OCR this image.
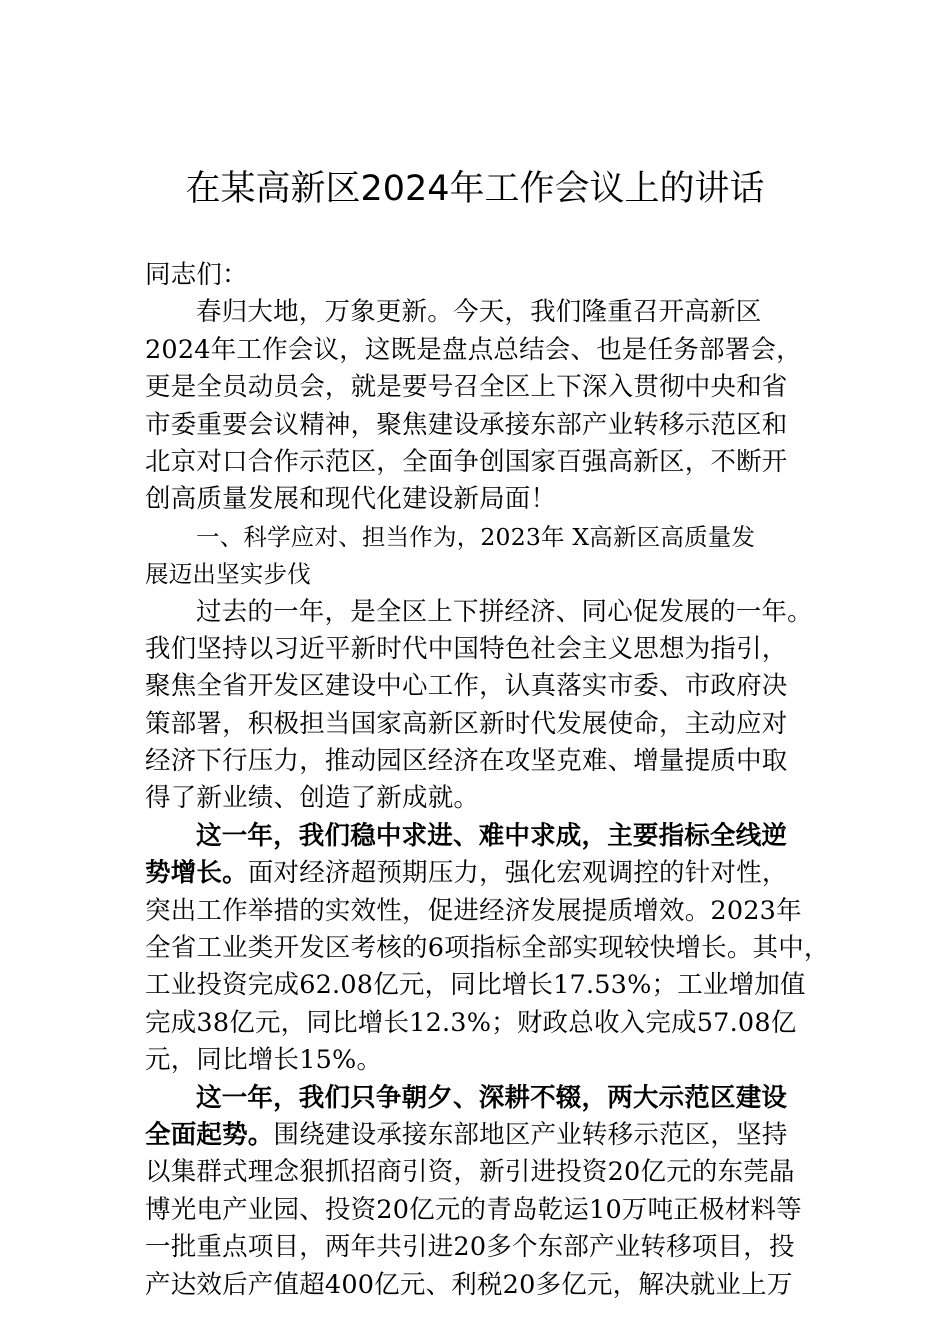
在某高新区2024年工作会议上的讲话
同志们：
春归大地，万象更新。今天，我们隆重召开高新区
2024年工作会议，这既是盘点总结会、也是任务部署会，
更是全员动员会，就是要号召全区上下深入贯彻中央和省
市委重要会议精神，聚焦建设承接东部产业转移示范区和
北京对口合作示范区，全面争创国家百强高新区，不断开
创高质量发展和现代化建设新局面！
一、科学应对、担当作为，2023年 X高新区高质量发
展迈出坚实步伐
过去的一年，是全区上下拼经济、同心促发展的一年。
我们坚持以习近平新时代中国特色社会主义思想为指引，
聚焦全省开发区建设中心工作，认真落实市委、市政府决
策部署，积极担当国家高新区新时代发展使命，主动应对
经济下行压力，推动园区经济在攻坚克难、增量提质中取
得了新业绩、创造了新成就。
这一年，我们稳中求进、难中求成，主要指标全线逆
势增长。面对经济超预期压力，强化宏观调控的针对性，
突出工作举措的实效性，促进经济发展提质增效。2023年
全省工业类开发区考核的6项指标全部实现较快增长。其中，
工业投资完成62.08亿元，同比增长17.53%；工业增加值
完成38亿元，同比增长12.3%；财政总收入完成57.08亿
元，同比增长15%。
这一年，我们只争朝夕、深耕不辍，两大示范区建设
全面起势。围绕建设承接东部地区产业转移示范区，坚持
以集群式理念狠抓招商引资，新引进投资20亿元的东莞晶
博光电产业园、投资20亿元的青岛乾运10万吨正极材料等
一批重点项目，两年共引进20多个东部产业转移项目，投
产达效后产值超400亿元、利税20多亿元，解决就业上万
